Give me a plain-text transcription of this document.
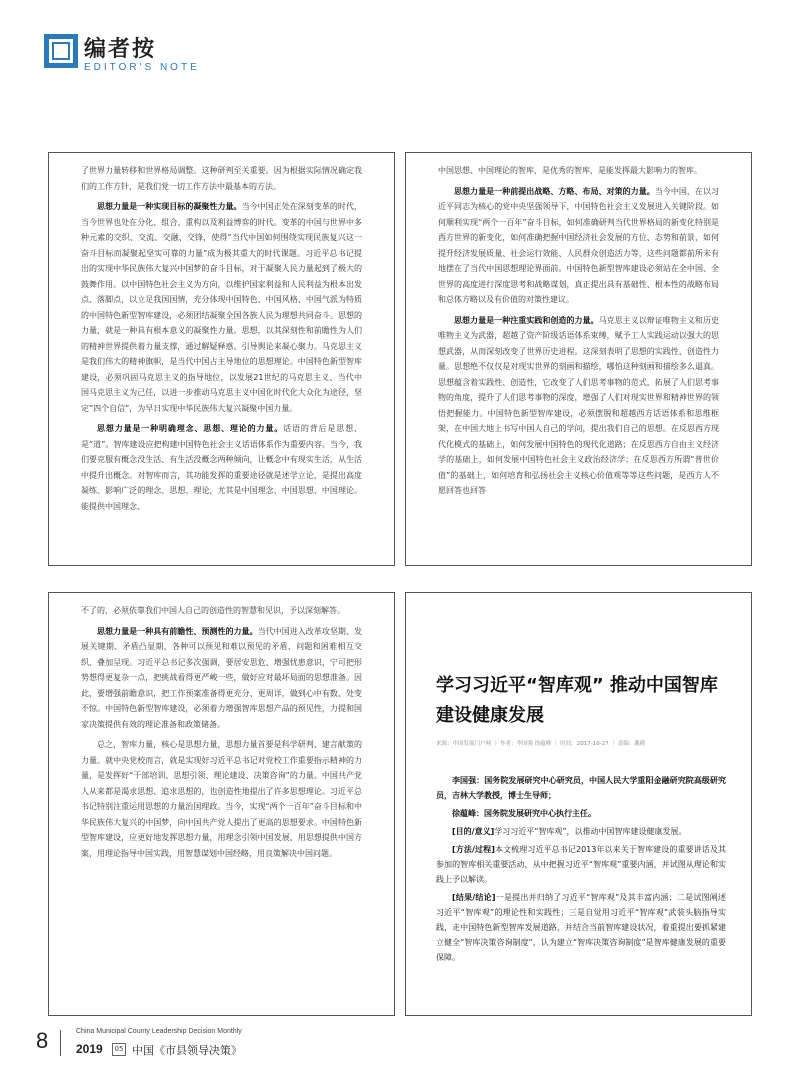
编者按
EDITOR'S NOTE

了世界力量转移和世界格局调整。这种研判至关重要。因为根据实际情况确定我们的工作方针，是我们党一切工作方法中最基本的方法。

思想力量是一种实现目标的凝聚性力量。当今中国正处在深刻变革的时代，当今世界也处在分化、组合、重构以及利益博弈的时代。变革的中国与世界中多种元素的交织、交流、交融、交锋，使得“当代中国如何围绕实现民族复兴这一奋斗目标而凝聚起坚实可靠的力量”成为极其重大的时代课题。习近平总书记提出的实现中华民族伟大复兴中国梦的奋斗目标，对于凝聚人民力量起到了极大的鼓舞作用。以中国特色社会主义为方向，以维护国家利益和人民利益为根本出发点、落脚点，以立足我国国情，充分体现中国特色、中国风格、中国气派为特质的中国特色新型智库建设，必须团结凝聚全国各族人民为理想共同奋斗。思想的力量，就是一种具有根本意义的凝聚性力量。思想，以其深刻性和前瞻性为人们的精神世界提供着力量支撑，通过解疑释惑、引导舆论来凝心聚力。马克思主义是我们伟大的精神旗帜，是当代中国占主导地位的思想理论。中国特色新型智库建设，必须巩固马克思主义的指导地位，以发展21世纪的马克思主义、当代中国马克思主义为己任，以进一步推动马克思主义中国化时代化大众化为途径，坚定“四个自信”，为早日实现中华民族伟大复兴凝聚中国力量。

思想力量是一种明确理念、思想、理论的力量。话语的背后是思想、是“道”。智库建设应把构建中国特色社会主义话语体系作为重要内容。当今，我们要克服有概念没生活、有生活没概念两种倾向，让概念中有现实生活，从生活中提升出概念。对智库而言，其功能发挥的重要途径就是述学立论，是提出高度凝练、影响广泛的理念、思想、理论，尤其是中国理念、中国思想、中国理论。能提供中国理念、

中国思想、中国理论的智库，是优秀的智库，是能发挥最大影响力的智库。

思想力量是一种前提出战略、方略、布局、对策的力量。当今中国，在以习近平同志为核心的党中央坚强领导下，中国特色社会主义发展进入关键阶段。如何顺利实现“两个一百年”奋斗目标，如何准确研判当代世界格局的新变化特别是西方世界的新变化，如何准确把握中国经济社会发展的方位、态势和前景，如何提升经济发展质量、社会运行效能、人民群众创造活力等，这些问题都前所未有地摆在了当代中国思想理论界面前。中国特色新型智库建设必须站在全中国、全世界的高度进行深度思考和战略谋划，真正提出具有基础性、根本性的战略布局和总体方略以及有价值的对策性建议。

思想力量是一种注重实践和创造的力量。马克思主义以辩证唯物主义和历史唯物主义为武器，超越了资产阶级话语体系束缚，赋予工人实践运动以强大的思想武器，从而深刻改变了世界历史进程。这深刻表明了思想的实践性、创造性力量。思想绝不仅仅是对现实世界的刻画和描绘，哪怕这种刻画和描绘多么逼真。思想蕴含着实践性、创造性，它改变了人们思考事物的范式，拓展了人们思考事物的角度，提升了人们思考事物的深度，增强了人们对现实世界和精神世界的领悟把握能力。中国特色新型智库建设，必须摆脱和超越西方话语体系和思维框架，在中国大地上书写中国人自己的学问，提出我们自己的思想。在反思西方现代化模式的基础上，如何发展中国特色的现代化道路；在反思西方自由主义经济学的基础上，如何发展中国特色社会主义政治经济学；在反思西方所谓“普世价值”的基础上，如何培育和弘扬社会主义核心价值观等等这些问题，是西方人不愿回答也回答

不了的，必须依靠我们中国人自己的创造性的智慧和见识，予以深刻解答。

思想力量是一种具有前瞻性、预测性的力量。当代中国进入改革攻坚期、发展关键期、矛盾凸显期，各种可以预见和难以预见的矛盾、问题和困难相互交织、叠加呈现。习近平总书记多次强调，要居安思危、增强忧患意识，宁可把形势想得更复杂一点，把挑战看得更严峻一些，做好应对最坏局面的思想准备。因此，要增强前瞻意识，把工作预案准备得更充分、更周详，做到心中有数、处变不惊。中国特色新型智库建设，必须着力增强智库思想产品的预见性，力提和国家决策提供有效的理论准备和政策储备。

总之，智库力量，核心是思想力量，思想力量首要是科学研判、建言献策的力量。就中央党校而言，就是实现好习近平总书记对党校工作重要指示精神的力量，是发挥好“干部培训、思想引领、理论建设、决策咨询”的力量。中国共产党人从来都是渴求思想、追求思想的，也创造性地提出了许多思想理论。习近平总书记特别注重运用思想的力量治国理政。当今，实现“两个一百年”奋斗目标和中华民族伟大复兴的中国梦，向中国共产党人提出了更高的思想要求。中国特色新型智库建设，应更好地发挥思想力量，用理念引领中国发展，用思想提供中国方案，用理论指导中国实践，用智慧谋划中国经略，用良策解决中国问题。

学习习近平“智库观” 推动中国智库建设健康发展
来源：中国发展门户网 ｜ 作者：李国强 徐蕴峰 ｜ 时间：2017-10-27 ｜ 责编：戴鹤

李国强：国务院发展研究中心研究员，中国人民大学重阳金融研究院高级研究员，吉林大学教授，博士生导师；

徐蕴峰：国务院发展研究中心执行主任。

[目的/意义]学习习近平“智库观”，以推动中国智库建设健康发展。

[方法/过程]本文梳理习近平总书记2013年以来关于智库建设的重要讲话及其参加的智库相关重要活动，从中把握习近平“智库观”重要内涵，并试图从理论和实践上予以解读。

[结果/结论]一是提出并归纳了习近平“智库观”及其丰富内涵；二是试图阐述习近平“智库观”的理论性和实践性；三是自觉用习近平“智库观”武装头脑指导实践，走中国特色新型智库发展道路，并结合当前智库建设状况，着重提出要抓紧建立健全“智库决策咨询制度”，认为建立“智库决策咨询制度”是智库健康发展的重要保障。

8	China Municipal County Leadership Decision Monthly
2019	05 中国《市县领导决策》
